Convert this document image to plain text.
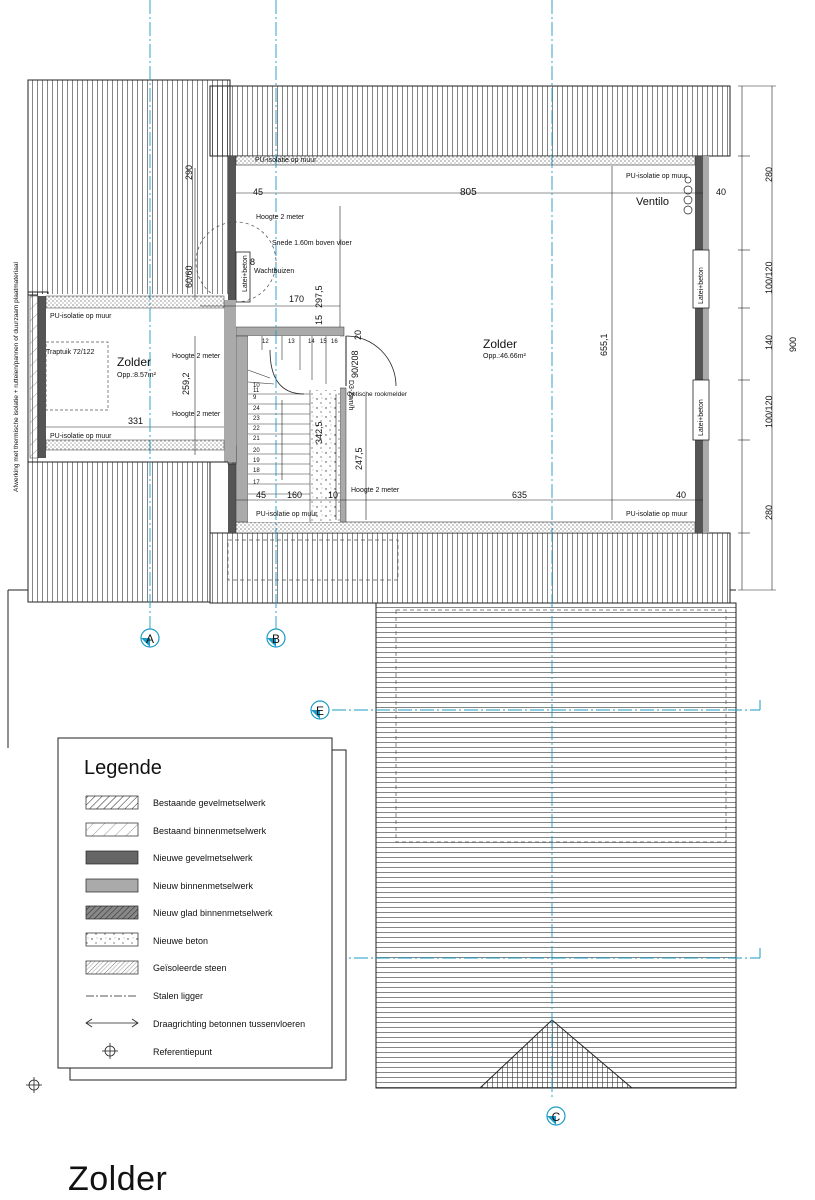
A	B
C
E
Zolder
Opp.:46.66m²
Zolder
Opp.:8.57m²
Ventilo
PU-isolatie op muur
PU-isolatie op muur
PU-isolatie op muur	PU-isolatie op muur
PU-isolatie op muur
PU-isolatie op muur
Hoogte 2 meter
Hoogte 2 meter
Hoogte 2 meter
Hoogte 2 meter
Snede 1.60m boven vloer
8
Wachtbuizen
Traptuik 72/122
Optische rookmelder
Latei+beton	Latei+beton
Latei+beton
D3-Zwn/h
90/208
Afwerking met thermische isolatie + rutteien/pannen of duurzaam plaatmateriaal	12	13 14 15 16
10
11
9
24
23
22
21
20
19
18
17
45	805	40
290
60/60
297,5
170
15
20
259,2
331
342,5
247,5
655,1
45 160	10	635	40
280
100/120
140
100/120
280
900
Legende
Bestaande gevelmetselwerk
Bestaand binnenmetselwerk
Nieuwe gevelmetselwerk
Nieuw binnenmetselwerk
Nieuw glad binnenmetselwerk
Nieuwe beton
Geïsoleerde steen
Stalen ligger
Draagrichting betonnen tussenvloeren
Referentiepunt
Zolder
